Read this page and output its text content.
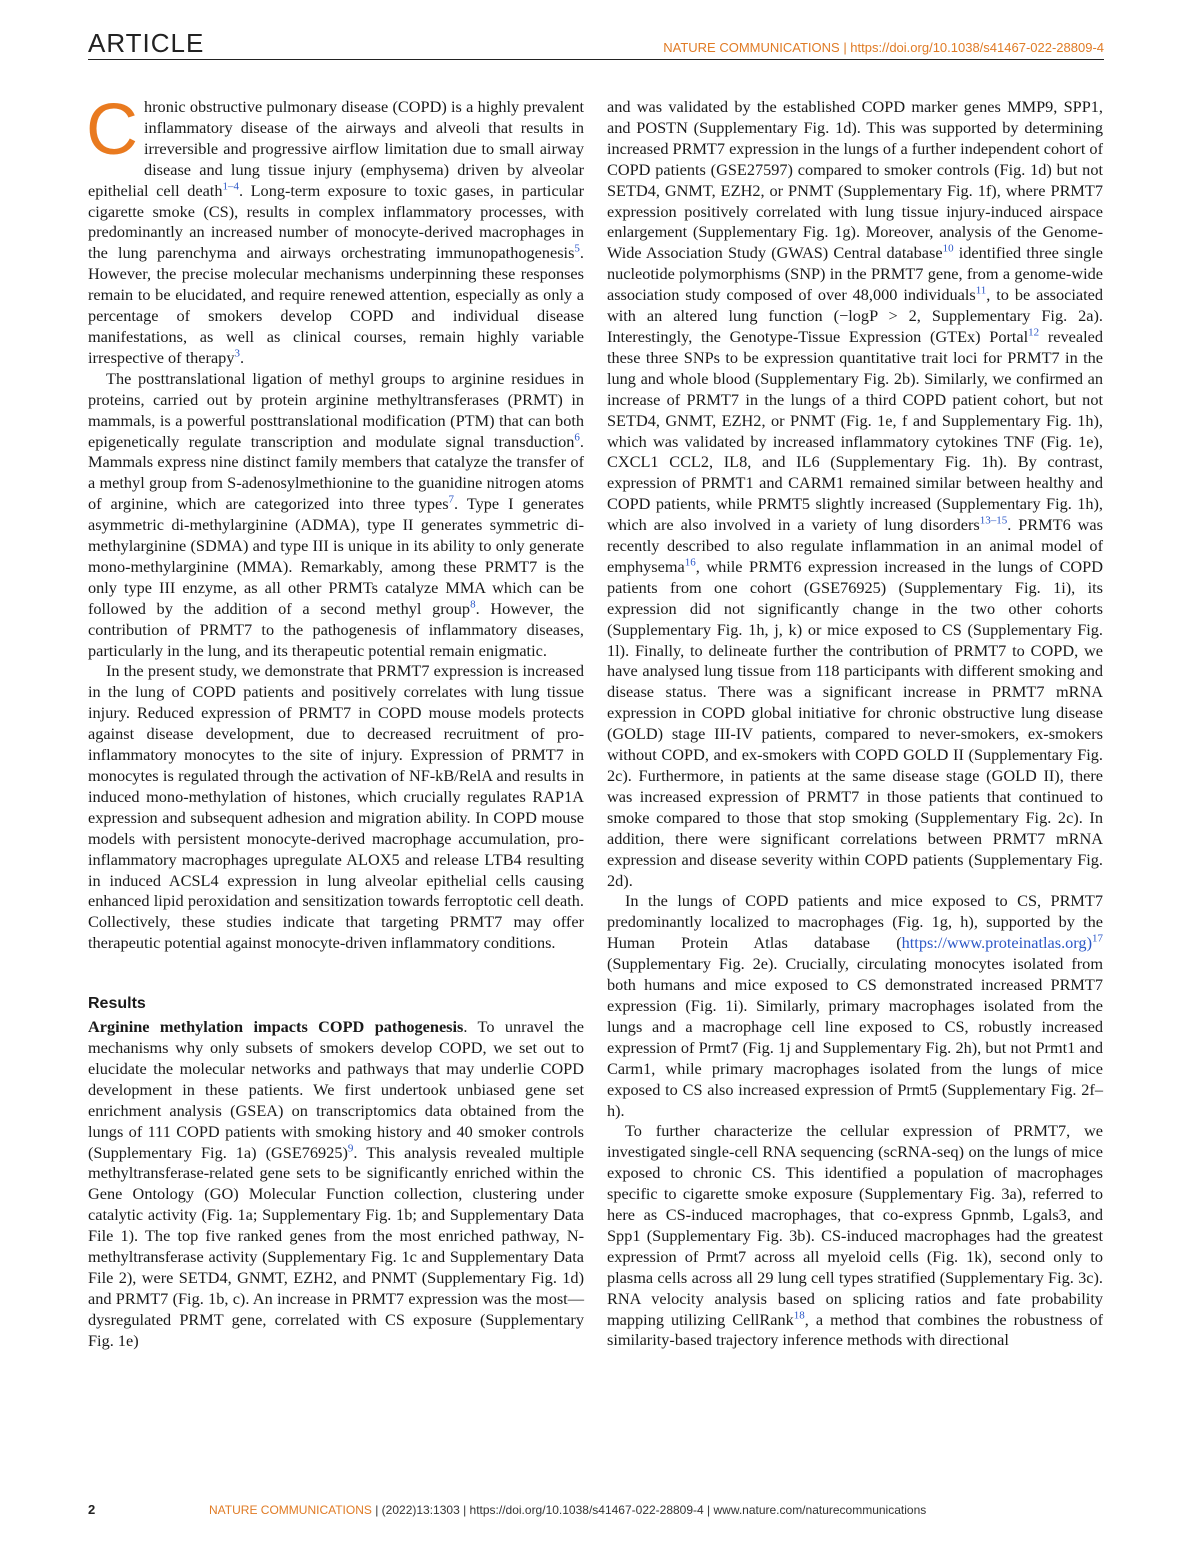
ARTICLE	NATURE COMMUNICATIONS | https://doi.org/10.1038/s41467-022-28809-4

Chronic obstructive pulmonary disease (COPD) is a highly prevalent inflammatory disease of the airways and alveoli that results in irreversible and progressive airflow limitation due to small airway disease and lung tissue injury (emphysema) driven by alveolar epithelial cell death$^{1-4}$. Long-term exposure to toxic gases, in particular cigarette smoke (CS), results in complex inflammatory processes, with predominantly an increased number of monocyte-derived macrophages in the lung parenchyma and airways orchestrating immunopathogenesis$^5$. However, the precise molecular mechanisms underpinning these responses remain to be elucidated, and require renewed attention, especially as only a percentage of smokers develop COPD and individual disease manifestations, as well as clinical courses, remain highly variable irrespective of therapy$^3$.

The posttranslational ligation of methyl groups to arginine residues in proteins, carried out by protein arginine methyltransferases (PRMT) in mammals, is a powerful posttranslational modification (PTM) that can both epigenetically regulate transcription and modulate signal transduction$^6$. Mammals express nine distinct family members that catalyze the transfer of a methyl group from S-adenosylmethionine to the guanidine nitrogen atoms of arginine, which are categorized into three types$^7$. Type I generates asymmetric di-methylarginine (ADMA), type II generates symmetric di-methylarginine (SDMA) and type III is unique in its ability to only generate mono-methylarginine (MMA). Remarkably, among these PRMT7 is the only type III enzyme, as all other PRMTs catalyze MMA which can be followed by the addition of a second methyl group$^8$. However, the contribution of PRMT7 to the pathogenesis of inflammatory diseases, particularly in the lung, and its therapeutic potential remain enigmatic.

In the present study, we demonstrate that PRMT7 expression is increased in the lung of COPD patients and positively correlates with lung tissue injury. Reduced expression of PRMT7 in COPD mouse models protects against disease development, due to decreased recruitment of pro-inflammatory monocytes to the site of injury. Expression of PRMT7 in monocytes is regulated through the activation of NF-kB/RelA and results in induced mono-methylation of histones, which crucially regulates RAP1A expression and subsequent adhesion and migration ability. In COPD mouse models with persistent monocyte-derived macrophage accumulation, pro-inflammatory macrophages upregulate ALOX5 and release LTB4 resulting in induced ACSL4 expression in lung alveolar epithelial cells causing enhanced lipid peroxidation and sensitization towards ferroptotic cell death. Collectively, these studies indicate that targeting PRMT7 may offer therapeutic potential against monocyte-driven inflammatory conditions.

Results

Arginine methylation impacts COPD pathogenesis. To unravel the mechanisms why only subsets of smokers develop COPD, we set out to elucidate the molecular networks and pathways that may underlie COPD development in these patients. We first undertook unbiased gene set enrichment analysis (GSEA) on transcriptomics data obtained from the lungs of 111 COPD patients with smoking history and 40 smoker controls (Supplementary Fig. 1a) $(GSE76925)^9$. This analysis revealed multiple methyltransferase-related gene sets to be significantly enriched within the Gene Ontology (GO) Molecular Function collection, clustering under catalytic activity (Fig. 1a; Supplementary Fig. 1b; and Supplementary Data File 1). The top five ranked genes from the most enriched pathway, N-methyltransferase activity (Supplementary Fig. 1c and Supplementary Data File 2), were SETD4, GNMT, EZH2, and PNMT (Supplementary Fig. 1d) and PRMT7 (Fig. 1b, c). An increase in PRMT7 expression was the most—dysregulated PRMT gene, correlated with CS exposure (Supplementary Fig. 1e)

and was validated by the established COPD marker genes MMP9, SPP1, and POSTN (Supplementary Fig. 1d). This was supported by determining increased PRMT7 expression in the lungs of a further independent cohort of COPD patients (GSE27597) compared to smoker controls (Fig. 1d) but not SETD4, GNMT, EZH2, or PNMT (Supplementary Fig. 1f), where PRMT7 expression positively correlated with lung tissue injury-induced airspace enlargement (Supplementary Fig. 1g). Moreover, analysis of the Genome-Wide Association Study (GWAS) Central database$^{10}$ identified three single nucleotide polymorphisms (SNP) in the PRMT7 gene, from a genome-wide association study composed of over 48,000 individuals$^{11}$, to be associated with an altered lung function (−logP > 2, Supplementary Fig. 2a). Interestingly, the Genotype-Tissue Expression (GTEx) Portal$^{12}$ revealed these three SNPs to be expression quantitative trait loci for PRMT7 in the lung and whole blood (Supplementary Fig. 2b). Similarly, we confirmed an increase of PRMT7 in the lungs of a third COPD patient cohort, but not SETD4, GNMT, EZH2, or PNMT (Fig. 1e, f and Supplementary Fig. 1h), which was validated by increased inflammatory cytokines TNF (Fig. 1e), CXCL1 CCL2, IL8, and IL6 (Supplementary Fig. 1h). By contrast, expression of PRMT1 and CARM1 remained similar between healthy and COPD patients, while PRMT5 slightly increased (Supplementary Fig. 1h), which are also involved in a variety of lung disorders$^{13-15}$. PRMT6 was recently described to also regulate inflammation in an animal model of emphysema$^{16}$, while PRMT6 expression increased in the lungs of COPD patients from one cohort (GSE76925) (Supplementary Fig. 1i), its expression did not significantly change in the two other cohorts (Supplementary Fig. 1h, j, k) or mice exposed to CS (Supplementary Fig. 1l). Finally, to delineate further the contribution of PRMT7 to COPD, we have analysed lung tissue from 118 participants with different smoking and disease status. There was a significant increase in PRMT7 mRNA expression in COPD global initiative for chronic obstructive lung disease (GOLD) stage III-IV patients, compared to never-smokers, ex-smokers without COPD, and ex-smokers with COPD GOLD II (Supplementary Fig. 2c). Furthermore, in patients at the same disease stage (GOLD II), there was increased expression of PRMT7 in those patients that continued to smoke compared to those that stop smoking (Supplementary Fig. 2c). In addition, there were significant correlations between PRMT7 mRNA expression and disease severity within COPD patients (Supplementary Fig. 2d).

In the lungs of COPD patients and mice exposed to CS, PRMT7 predominantly localized to macrophages (Fig. 1g, h), supported by the Human Protein Atlas database (https://www.proteinatlas.org)$^{17}$ (Supplementary Fig. 2e). Crucially, circulating monocytes isolated from both humans and mice exposed to CS demonstrated increased PRMT7 expression (Fig. 1i). Similarly, primary macrophages isolated from the lungs and a macrophage cell line exposed to CS, robustly increased expression of Prmt7 (Fig. 1j and Supplementary Fig. 2h), but not Prmt1 and Carm1, while primary macrophages isolated from the lungs of mice exposed to CS also increased expression of Prmt5 (Supplementary Fig. 2f–h).

To further characterize the cellular expression of PRMT7, we investigated single-cell RNA sequencing (scRNA-seq) on the lungs of mice exposed to chronic CS. This identified a population of macrophages specific to cigarette smoke exposure (Supplementary Fig. 3a), referred to here as CS-induced macrophages, that co-express Gpnmb, Lgals3, and Spp1 (Supplementary Fig. 3b). CS-induced macrophages had the greatest expression of Prmt7 across all myeloid cells (Fig. 1k), second only to plasma cells across all 29 lung cell types stratified (Supplementary Fig. 3c). RNA velocity analysis based on splicing ratios and fate probability mapping utilizing CellRank$^{18}$, a method that combines the robustness of similarity-based trajectory inference methods with directional

2	NATURE COMMUNICATIONS | (2022)13:1303 | https://doi.org/10.1038/s41467-022-28809-4 | www.nature.com/naturecommunications
